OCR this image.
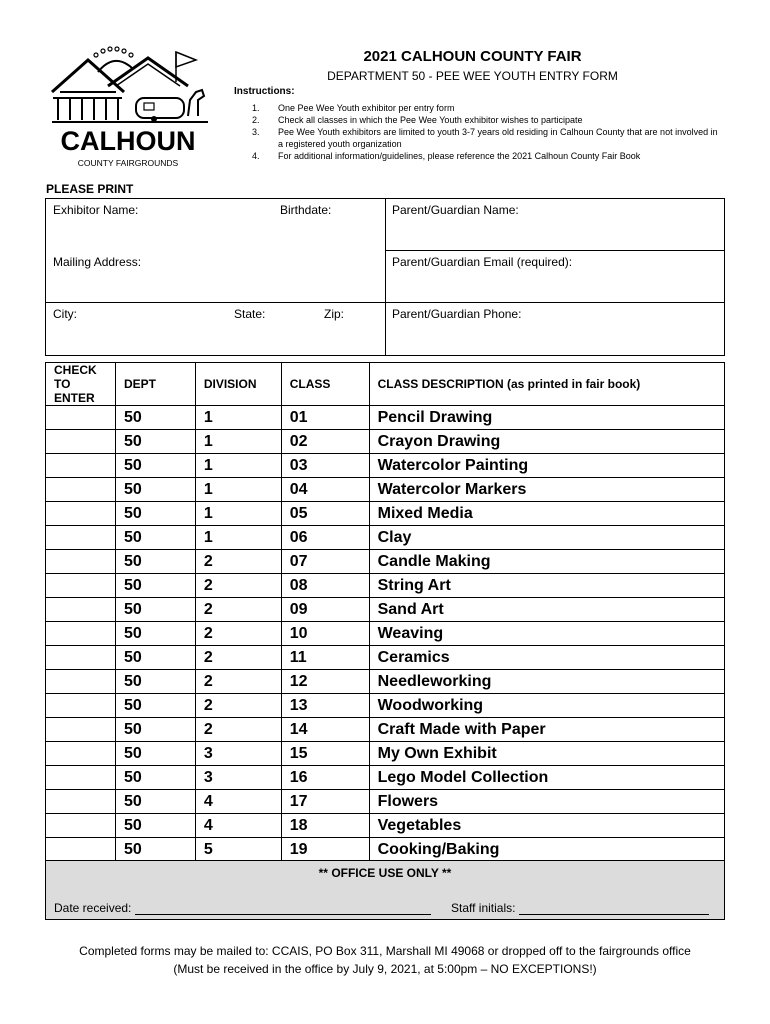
CALHOUN
COUNTY FAIRGROUNDS
2021 CALHOUN COUNTY FAIR
DEPARTMENT 50 - PEE WEE YOUTH ENTRY FORM
Instructions:
1.	One Pee Wee Youth exhibitor per entry form
2.	Check all classes in which the Pee Wee Youth exhibitor wishes to participate
3.	Pee Wee Youth exhibitors are limited to youth 3-7 years old residing in Calhoun County that are not involved in a registered youth organization
4.	For additional information/guidelines, please reference the 2021 Calhoun County Fair Book
PLEASE PRINT
Exhibitor Name:	Birthdate:	Parent/Guardian Name:
Mailing Address:	Parent/Guardian Email (required):
City:	State:	Zip:	Parent/Guardian Phone:
CHECK TO
ENTER	DEPT	DIVISION	CLASS	CLASS DESCRIPTION (as printed in fair book)
	50	1	01	Pencil Drawing
	50	1	02	Crayon Drawing
	50	1	03	Watercolor Painting
	50	1	04	Watercolor Markers
	50	1	05	Mixed Media
	50	1	06	Clay
	50	2	07	Candle Making
	50	2	08	String Art
	50	2	09	Sand Art
	50	2	10	Weaving
	50	2	11	Ceramics
	50	2	12	Needleworking
	50	2	13	Woodworking
	50	2	14	Craft Made with Paper
	50	3	15	My Own Exhibit
	50	3	16	Lego Model Collection
	50	4	17	Flowers
	50	4	18	Vegetables
	50	5	19	Cooking/Baking
** OFFICE USE ONLY **
Date received:	Staff initials:
Completed forms may be mailed to: CCAIS, PO Box 311, Marshall MI 49068 or dropped off to the fairgrounds office
(Must be received in the office by July 9, 2021, at 5:00pm – NO EXCEPTIONS!)
